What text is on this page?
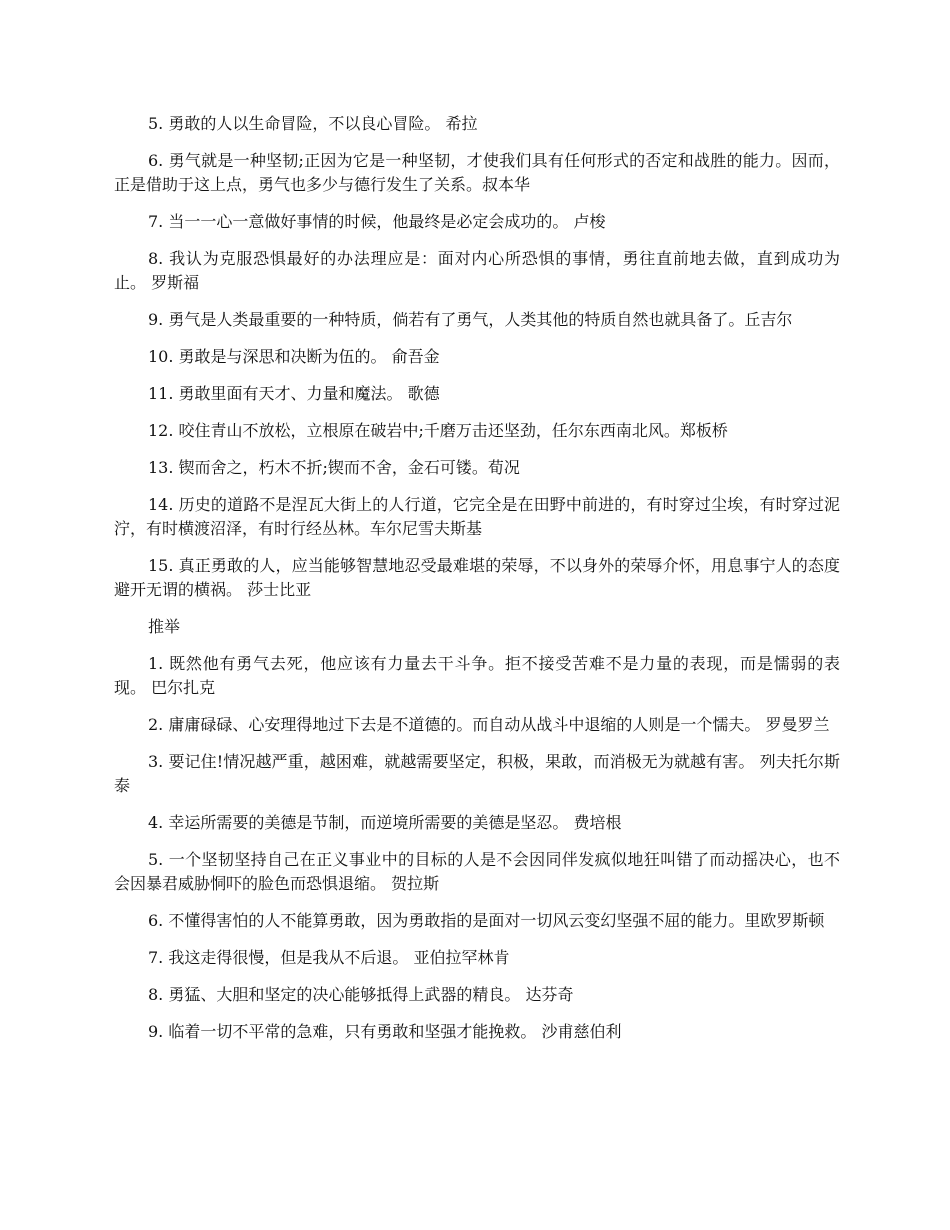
5. 勇敢的人以生命冒险，不以良心冒险。 希拉

6. 勇气就是一种坚韧;正因为它是一种坚韧，才使我们具有任何形式的否定和战胜的能力。因而，正是借助于这上点，勇气也多少与德行发生了关系。叔本华

7. 当一一心一意做好事情的时候，他最终是必定会成功的。 卢梭

8. 我认为克服恐惧最好的办法理应是：面对内心所恐惧的事情，勇往直前地去做，直到成功为止。 罗斯福

9. 勇气是人类最重要的一种特质，倘若有了勇气，人类其他的特质自然也就具备了。丘吉尔

10. 勇敢是与深思和决断为伍的。 俞吾金

11. 勇敢里面有天才、力量和魔法。 歌德

12. 咬住青山不放松，立根原在破岩中;千磨万击还坚劲，任尔东西南北风。郑板桥

13. 锲而舍之，朽木不折;锲而不舍，金石可镂。荀况

14. 历史的道路不是涅瓦大街上的人行道，它完全是在田野中前进的，有时穿过尘埃，有时穿过泥泞，有时横渡沼泽，有时行经丛林。车尔尼雪夫斯基

15. 真正勇敢的人，应当能够智慧地忍受最难堪的荣辱，不以身外的荣辱介怀，用息事宁人的态度避开无谓的横祸。 莎士比亚

推举

1. 既然他有勇气去死，他应该有力量去干斗争。拒不接受苦难不是力量的表现，而是懦弱的表现。 巴尔扎克

2. 庸庸碌碌、心安理得地过下去是不道德的。而自动从战斗中退缩的人则是一个懦夫。 罗曼罗兰

3. 要记住!情况越严重，越困难，就越需要坚定，积极，果敢，而消极无为就越有害。 列夫托尔斯泰

4. 幸运所需要的美德是节制，而逆境所需要的美德是坚忍。 费培根

5. 一个坚韧坚持自己在正义事业中的目标的人是不会因同伴发疯似地狂叫错了而动摇决心，也不会因暴君威胁恫吓的脸色而恐惧退缩。 贺拉斯

6. 不懂得害怕的人不能算勇敢，因为勇敢指的是面对一切风云变幻坚强不屈的能力。里欧罗斯顿

7. 我这走得很慢，但是我从不后退。 亚伯拉罕林肯

8. 勇猛、大胆和坚定的决心能够抵得上武器的精良。 达芬奇

9. 临着一切不平常的急难，只有勇敢和坚强才能挽救。 沙甫慈伯利
